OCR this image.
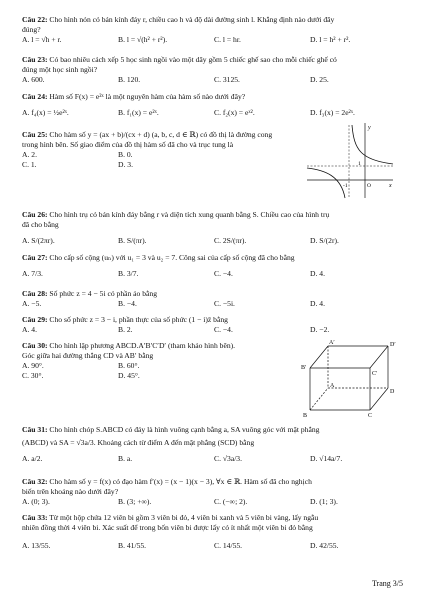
Câu 22: Cho hình nón có bán kính đáy r, chiều cao h và độ dài đường sinh l. Khẳng định nào dưới đây
đúng?
A. l = √h + r.	B. l = √(h² + r²).	C. l = hr.	D. l = h² + r².
Câu 23: Có bao nhiêu cách xếp 5 học sinh ngồi vào một dãy gồm 5 chiếc ghế sao cho mỗi chiếc ghế có
đúng một học sinh ngồi?
A. 600.	B. 120.	C. 3125.	D. 25.
Câu 24: Hàm số F(x) = e²ˣ là một nguyên hàm của hàm số nào dưới đây?
A. f₄(x) = ½e²ˣ.	B. f₁(x) = e²ˣ.	C. f₂(x) = eˣ².	D. f₃(x) = 2e²ˣ.
Câu 25: Cho hàm số y = (ax + b)/(cx + d) (a, b, c, d ∈ ℝ) có đồ thị là đường cong
trong hình bên. Số giao điểm của đồ thị hàm số đã cho và trục tung là
A. 2.	B. 0.
C. 1.	D. 3.
y
x
O
-1
1
Câu 26: Cho hình trụ có bán kính đáy bằng r và diện tích xung quanh bằng S. Chiều cao của hình trụ
đã cho bằng
A. S/(2πr).	B. S/(πr).	C. 2S/(πr).	D. S/(2r).
Câu 27: Cho cấp số cộng (uₙ) với u₁ = 3 và u₂ = 7. Công sai của cấp số cộng đã cho bằng
A. 7/3.	B. 3/7.	C. −4.	D. 4.
Câu 28: Số phức z = 4 − 5i có phần ảo bằng
A. −5.	B. −4.	C. −5i.	D. 4.
Câu 29: Cho số phức z = 3 − i, phần thực của số phức (1 − i)z̄ bằng
A. 4.	B. 2.	C. −4.	D. −2.
Câu 30: Cho hình lập phương ABCD.A′B′C′D′ (tham khảo hình bên).
Góc giữa hai đường thẳng CD và AB′ bằng
A. 90°.	B. 60°.
C. 30°.	D. 45°.
A′
B′
C′
D′
A
B	C
D
Câu 31: Cho hình chóp S.ABCD có đáy là hình vuông cạnh bằng a, SA vuông góc với mặt phẳng
(ABCD) và SA = √3a/3. Khoảng cách từ điểm A đến mặt phẳng (SCD) bằng
A. a/2.	B. a.	C. √3a/3.	D. √14a/7.
Câu 32: Cho hàm số y = f(x) có đạo hàm f′(x) = (x − 1)(x − 3), ∀x ∈ ℝ. Hàm số đã cho nghịch
biến trên khoảng nào dưới đây?
A. (0; 3).	B. (3; +∞).	C. (−∞; 2).	D. (1; 3).
Câu 33: Từ một hộp chứa 12 viên bi gồm 3 viên bi đỏ, 4 viên bi xanh và 5 viên bi vàng, lấy ngẫu
nhiên đồng thời 4 viên bi. Xác suất để trong bốn viên bi được lấy có ít nhất một viên bi đỏ bằng
A. 13/55.	B. 41/55.	C. 14/55.	D. 42/55.
Trang 3/5
